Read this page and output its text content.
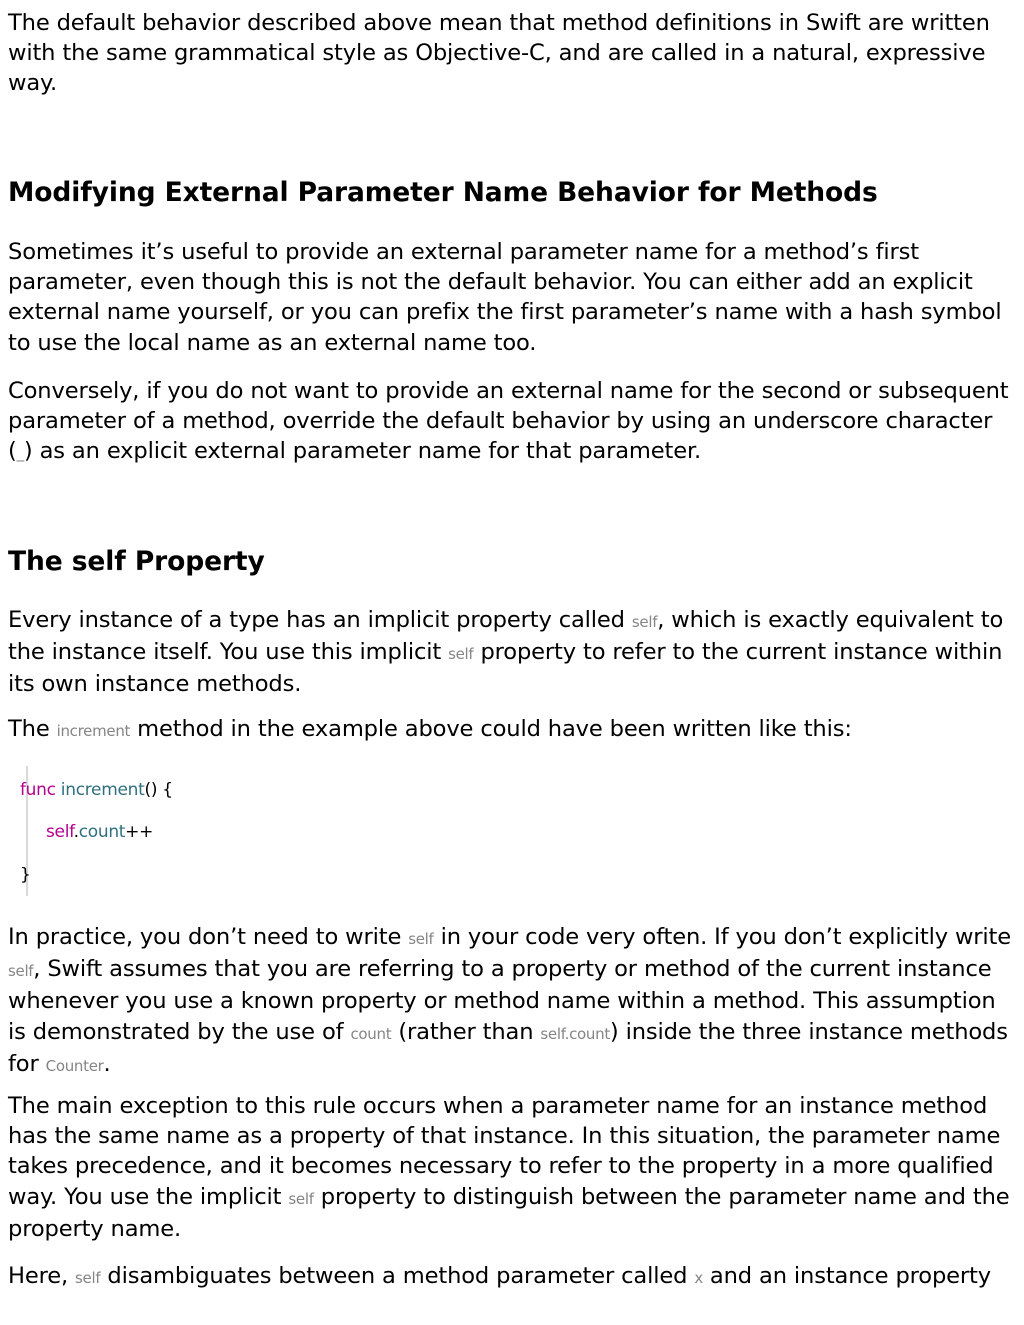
The default behavior described above mean that method definitions in Swift are written with the same grammatical style as Objective-C, and are called in a natural, expressive way.

Modifying External Parameter Name Behavior for Methods

Sometimes it’s useful to provide an external parameter name for a method’s first parameter, even though this is not the default behavior. You can either add an explicit external name yourself, or you can prefix the first parameter’s name with a hash symbol to use the local name as an external name too.

Conversely, if you do not want to provide an external name for the second or subsequent parameter of a method, override the default behavior by using an underscore character (_) as an explicit external parameter name for that parameter.

The self Property

Every instance of a type has an implicit property called self, which is exactly equivalent to the instance itself. You use this implicit self property to refer to the current instance within its own instance methods.

The increment method in the example above could have been written like this:

In practice, you don’t need to write self in your code very often. If you don’t explicitly write self, Swift assumes that you are referring to a property or method of the current instance whenever you use a known property or method name within a method. This assumption is demonstrated by the use of count (rather than self.count) inside the three instance methods for Counter.

The main exception to this rule occurs when a parameter name for an instance method has the same name as a property of that instance. In this situation, the parameter name takes precedence, and it becomes necessary to refer to the property in a more qualified way. You use the implicit self property to distinguish between the parameter name and the property name.

Here, self disambiguates between a method parameter called x and an instance property

func increment() {
self.count++
}
